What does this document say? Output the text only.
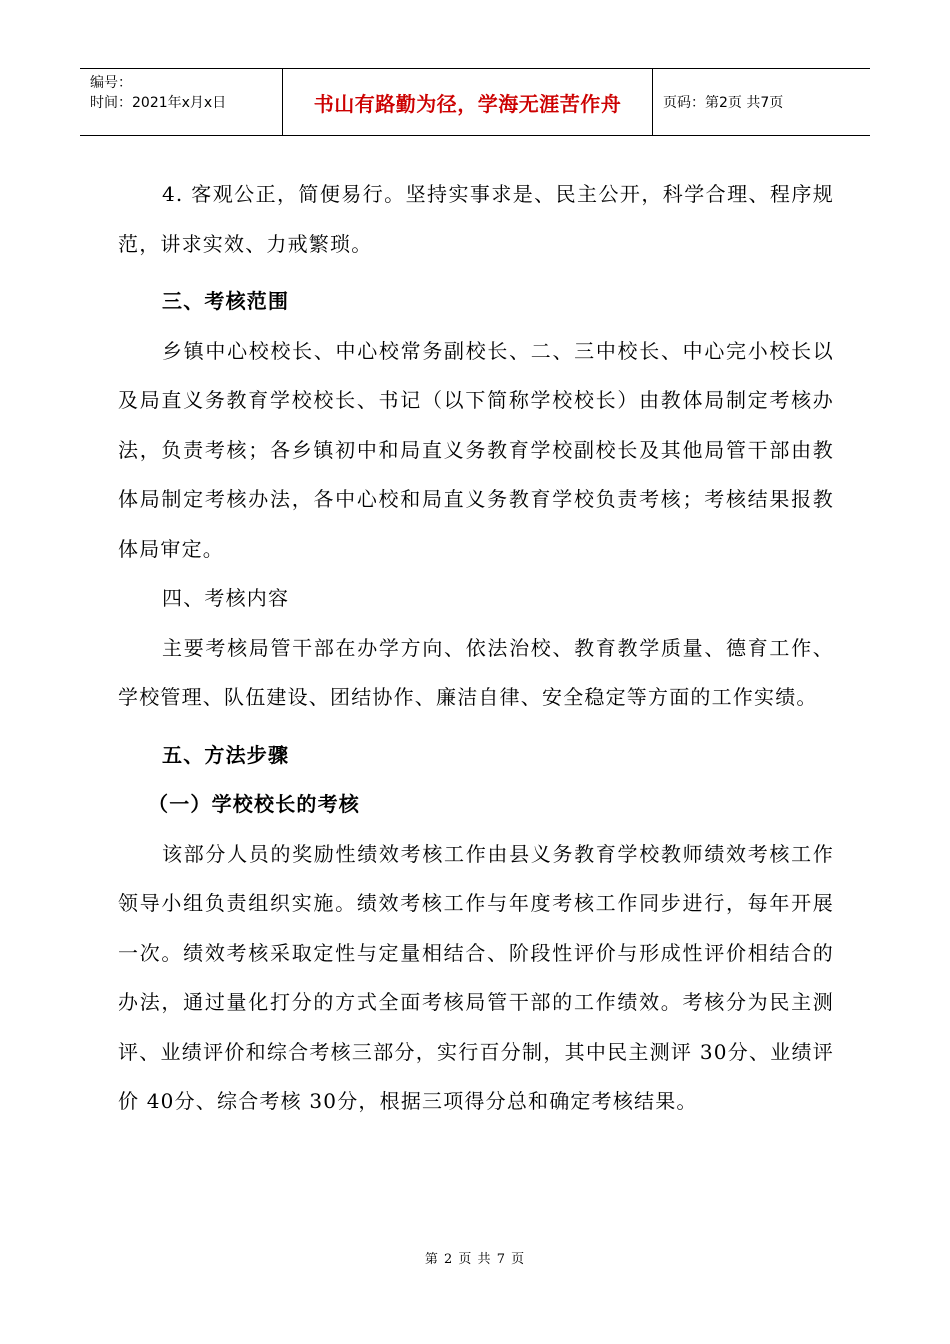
编号：
时间：2021年x月x日	书山有路勤为径，学海无涯苦作舟	页码：第2页 共7页

4. 客观公正，简便易行。坚持实事求是、民主公开，科学合理、程序规范，讲求实效、力戒繁琐。

三、考核范围

乡镇中心校校长、中心校常务副校长、二、三中校长、中心完小校长以及局直义务教育学校校长、书记（以下简称学校校长）由教体局制定考核办法，负责考核；各乡镇初中和局直义务教育学校副校长及其他局管干部由教体局制定考核办法，各中心校和局直义务教育学校负责考核；考核结果报教体局审定。

四、考核内容

主要考核局管干部在办学方向、依法治校、教育教学质量、德育工作、学校管理、队伍建设、团结协作、廉洁自律、安全稳定等方面的工作实绩。

五、方法步骤

（一）学校校长的考核

该部分人员的奖励性绩效考核工作由县义务教育学校教师绩效考核工作领导小组负责组织实施。绩效考核工作与年度考核工作同步进行，每年开展一次。绩效考核采取定性与定量相结合、阶段性评价与形成性评价相结合的办法，通过量化打分的方式全面考核局管干部的工作绩效。考核分为民主测评、业绩评价和综合考核三部分，实行百分制，其中民主测评 30分、业绩评价 40分、综合考核 30分，根据三项得分总和确定考核结果。

第 2 页 共 7 页
